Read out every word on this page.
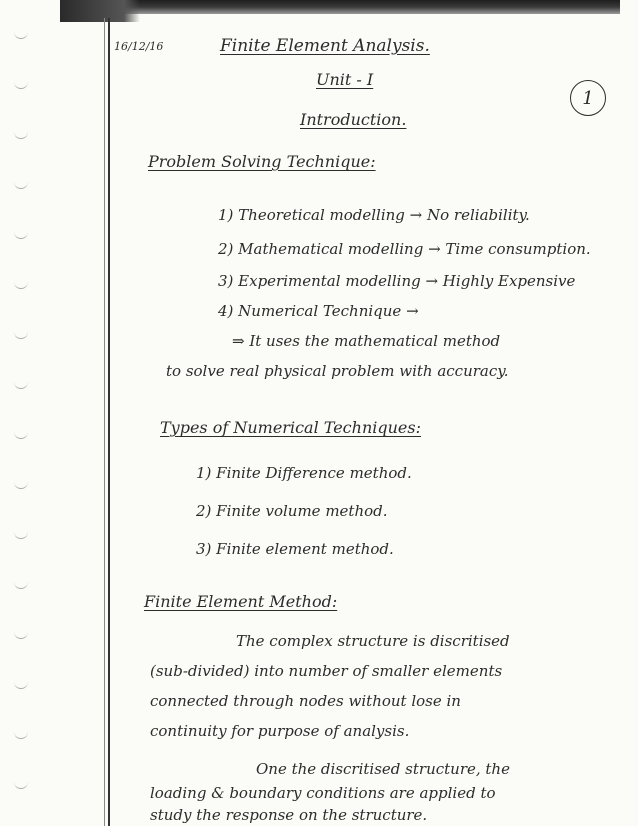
16/12/16	Finite Element Analysis.
Unit - I
1
Introduction.
Problem Solving Technique:
1) Theoretical modelling → No reliability.
2) Mathematical modelling → Time consumption.
3) Experimental modelling → Highly Expensive
4) Numerical Technique →
⇒ It uses the mathematical method
to solve real physical problem with accuracy.
Types of Numerical Techniques:
1) Finite Difference method.
2) Finite volume method.
3) Finite element method.
Finite Element Method:
The complex structure is discritised
(sub-divided) into number of smaller elements
connected through nodes without lose in
continuity for purpose of analysis.
One the discritised structure, the
loading & boundary conditions are applied to
study the response on the structure.
